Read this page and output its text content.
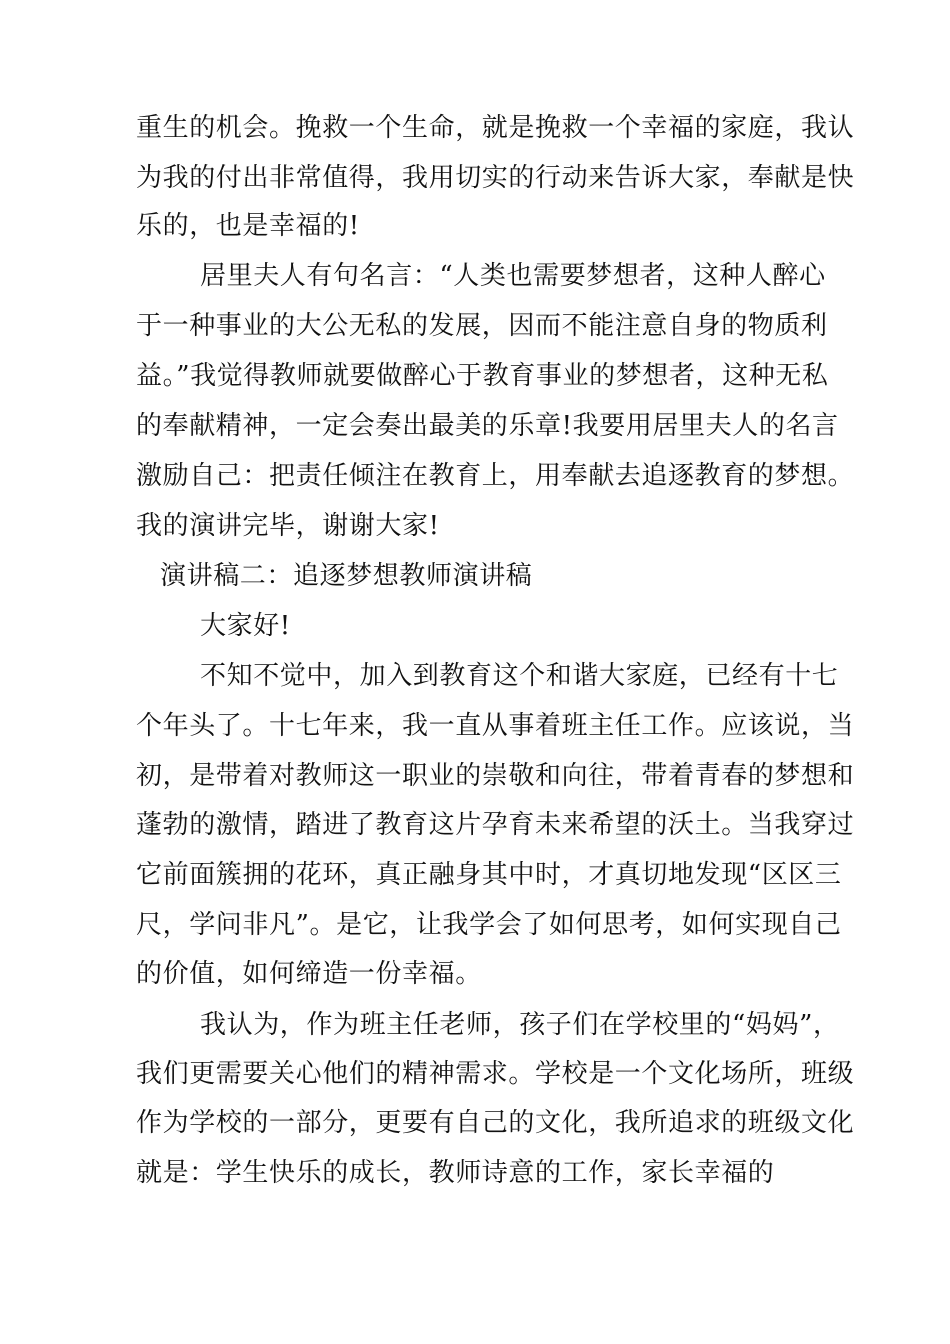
重生的机会。挽救一个生命，就是挽救一个幸福的家庭，我认
为我的付出非常值得，我用切实的行动来告诉大家，奉献是快
乐的，也是幸福的!
居里夫人有句名言：“人类也需要梦想者，这种人醉心
于一种事业的大公无私的发展，因而不能注意自身的物质利
益。”我觉得教师就要做醉心于教育事业的梦想者，这种无私
的奉献精神，一定会奏出最美的乐章!我要用居里夫人的名言
激励自己：把责任倾注在教育上，用奉献去追逐教育的梦想。
我的演讲完毕，谢谢大家!
演讲稿二：追逐梦想教师演讲稿
大家好!
不知不觉中，加入到教育这个和谐大家庭，已经有十七
个年头了。十七年来，我一直从事着班主任工作。应该说，当
初，是带着对教师这一职业的崇敬和向往，带着青春的梦想和
蓬勃的激情，踏进了教育这片孕育未来希望的沃土。当我穿过
它前面簇拥的花环，真正融身其中时，才真切地发现“区区三
尺，学问非凡”。是它，让我学会了如何思考，如何实现自己
的价值，如何缔造一份幸福。
我认为，作为班主任老师，孩子们在学校里的“妈妈”，
我们更需要关心他们的精神需求。学校是一个文化场所，班级
作为学校的一部分，更要有自己的文化，我所追求的班级文化
就是：学生快乐的成长，教师诗意的工作，家长幸福的
